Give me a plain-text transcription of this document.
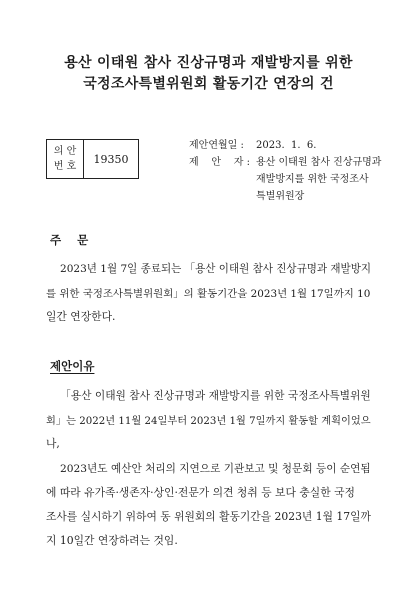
용산 이태원 참사 진상규명과 재발방지를 위한
국정조사특별위원회 활동기간 연장의 건
의 안
번 호
	19350
제안연월일 : 2023.  1.  6.
제    안    자 : 용산 이태원 참사 진상규명과
재발방지를 위한 국정조사
특별위원장
주    문
2023년 1월 7일 종료되는 「용산 이태원 참사 진상규명과 재발방지
를 위한 국정조사특별위원회」의 활동기간을 2023년 1월 17일까지 10
일간 연장한다.
제안이유
「용산 이태원 참사 진상규명과 재발방지를 위한 국정조사특별위원
회」는 2022년 11월 24일부터 2023년 1월 7일까지 활동할 계획이었으
나,
2023년도 예산안 처리의 지연으로 기관보고 및 청문회 등이 순연됨
에 따라 유가족·생존자·상인·전문가 의견 청취 등 보다 충실한 국정
조사를 실시하기 위하여 동 위원회의 활동기간을 2023년 1월 17일까
지 10일간 연장하려는 것임.
